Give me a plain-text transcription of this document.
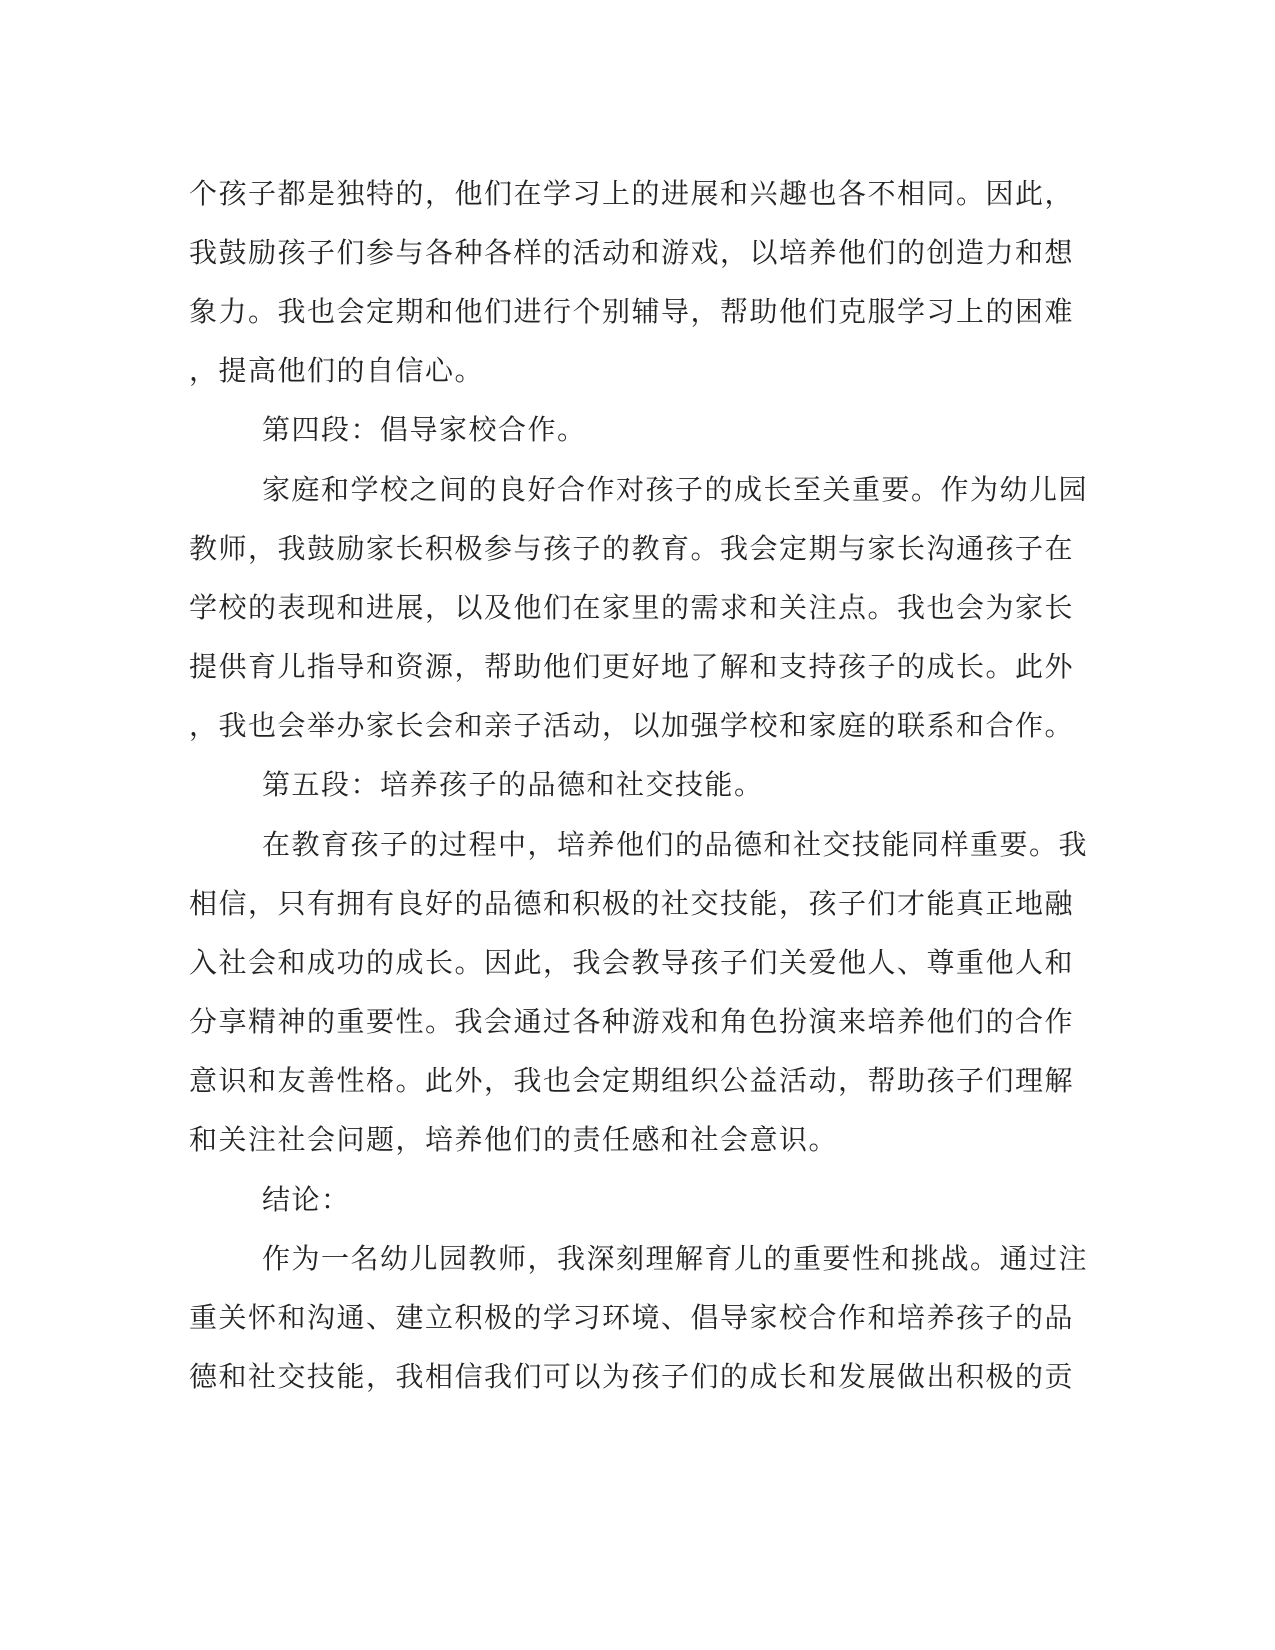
个孩子都是独特的，他们在学习上的进展和兴趣也各不相同。因此，
我鼓励孩子们参与各种各样的活动和游戏，以培养他们的创造力和想
象力。我也会定期和他们进行个别辅导，帮助他们克服学习上的困难
，提高他们的自信心。
第四段：倡导家校合作。
家庭和学校之间的良好合作对孩子的成长至关重要。作为幼儿园
教师，我鼓励家长积极参与孩子的教育。我会定期与家长沟通孩子在
学校的表现和进展，以及他们在家里的需求和关注点。我也会为家长
提供育儿指导和资源，帮助他们更好地了解和支持孩子的成长。此外
，我也会举办家长会和亲子活动，以加强学校和家庭的联系和合作。
第五段：培养孩子的品德和社交技能。
在教育孩子的过程中，培养他们的品德和社交技能同样重要。我
相信，只有拥有良好的品德和积极的社交技能，孩子们才能真正地融
入社会和成功的成长。因此，我会教导孩子们关爱他人、尊重他人和
分享精神的重要性。我会通过各种游戏和角色扮演来培养他们的合作
意识和友善性格。此外，我也会定期组织公益活动，帮助孩子们理解
和关注社会问题，培养他们的责任感和社会意识。
结论：
作为一名幼儿园教师，我深刻理解育儿的重要性和挑战。通过注
重关怀和沟通、建立积极的学习环境、倡导家校合作和培养孩子的品
德和社交技能，我相信我们可以为孩子们的成长和发展做出积极的贡
